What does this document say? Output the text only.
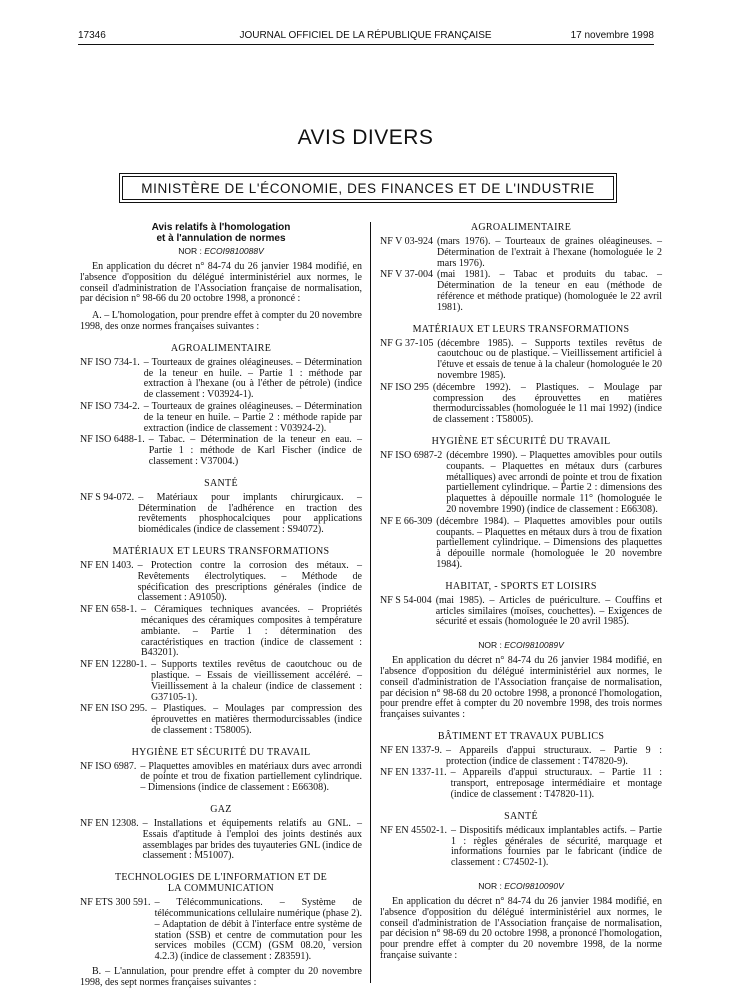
17346	JOURNAL OFFICIEL DE LA RÉPUBLIQUE FRANÇAISE	17 novembre 1998
AVIS DIVERS
MINISTÈRE DE L'ÉCONOMIE, DES FINANCES ET DE L'INDUSTRIE
Avis relatifs à l'homologation
et à l'annulation de normes
NOR : ECOI9810088V
En application du décret n° 84-74 du 26 janvier 1984 modifié, en l'absence d'opposition du délégué interministériel aux normes, le conseil d'administration de l'Association française de normalisation, par décision n° 98-66 du 20 octobre 1998, a prononcé :
A. – L'homologation, pour prendre effet à compter du 20 novembre 1998, des onze normes françaises suivantes :
AGROALIMENTAIRE
NF ISO 734-1. – Tourteaux de graines oléagineuses. – Détermination de la teneur en huile. – Partie 1 : méthode par extraction à l'hexane (ou à l'éther de pétrole) (indice de classement : V03924-1).
NF ISO 734-2. – Tourteaux de graines oléagineuses. – Détermination de la teneur en huile. – Partie 2 : méthode rapide par extraction (indice de classement : V03924-2).
NF ISO 6488-1. – Tabac. – Détermination de la teneur en eau. – Partie 1 : méthode de Karl Fischer (indice de classement : V37004.)
SANTÉ
NF S 94-072. – Matériaux pour implants chirurgicaux. – Détermination de l'adhérence en traction des revêtements phosphocalciques pour applications biomédicales (indice de classement : S94072).
MATÉRIAUX ET LEURS TRANSFORMATIONS
NF EN 1403. – Protection contre la corrosion des métaux. – Revêtements électrolytiques. – Méthode de spécification des prescriptions générales (indice de classement : A91050).
NF EN 658-1. – Céramiques techniques avancées. – Propriétés mécaniques des céramiques composites à température ambiante. – Partie 1 : détermination des caractéristiques en traction (indice de classement : B43201).
NF EN 12280-1. – Supports textiles revêtus de caoutchouc ou de plastique. – Essais de vieillissement accéléré. – Vieillissement à la chaleur (indice de classement : G37105-1).
NF EN ISO 295. – Plastiques. – Moulages par compression des éprouvettes en matières thermodurcissables (indice de classement : T58005).
HYGIÈNE ET SÉCURITÉ DU TRAVAIL
NF ISO 6987. – Plaquettes amovibles en matériaux durs avec arrondi de pointe et trou de fixation partiellement cylindrique. – Dimensions (indice de classement : E66308).
GAZ
NF EN 12308. – Installations et équipements relatifs au GNL. – Essais d'aptitude à l'emploi des joints destinés aux assemblages par brides des tuyauteries GNL (indice de classement : M51007).
TECHNOLOGIES DE L'INFORMATION ET DE LA COMMUNICATION
NF ETS 300 591. – Télécommunications. – Système de télécommunications cellulaire numérique (phase 2). – Adaptation de débit à l'interface entre système de station (SSB) et centre de commutation pour les services mobiles (CCM) (GSM 08.20, version 4.2.3) (indice de classement : Z83591).
B. – L'annulation, pour prendre effet à compter du 20 novembre 1998, des sept normes françaises suivantes :
AGROALIMENTAIRE
NF V 03-924 (mars 1976). – Tourteaux de graines oléagineuses. – Détermination de l'extrait à l'hexane (homologuée le 2 mars 1976).
NF V 37-004 (mai 1981). – Tabac et produits du tabac. – Détermination de la teneur en eau (méthode de référence et méthode pratique) (homologuée le 22 avril 1981).
MATÉRIAUX ET LEURS TRANSFORMATIONS
NF G 37-105 (décembre 1985). – Supports textiles revêtus de caoutchouc ou de plastique. – Vieillissement artificiel à l'étuve et essais de tenue à la chaleur (homologuée le 20 novembre 1985).
NF ISO 295 (décembre 1992). – Plastiques. – Moulage par compression des éprouvettes en matières thermodurcissables (homologuée le 11 mai 1992) (indice de classement : T58005).
HYGIÈNE ET SÉCURITÉ DU TRAVAIL
NF ISO 6987-2 (décembre 1990). – Plaquettes amovibles pour outils coupants. – Plaquettes en métaux durs (carbures métalliques) avec arrondi de pointe et trou de fixation partiellement cylindrique. – Partie 2 : dimensions des plaquettes à dépouille normale 11° (homologuée le 20 novembre 1990) (indice de classement : E66308).
NF E 66-309 (décembre 1984). – Plaquettes amovibles pour outils coupants. – Plaquettes en métaux durs à trou de fixation partiellement cylindrique. – Dimensions des plaquettes à dépouille normale (homologuée le 20 novembre 1984).
HABITAT, - SPORTS ET LOISIRS
NF S 54-004 (mai 1985). – Articles de puériculture. – Couffins et articles similaires (moïses, couchettes). – Exigences de sécurité et essais (homologuée le 20 avril 1985).
NOR : ECOI9810089V
En application du décret n° 84-74 du 26 janvier 1984 modifié, en l'absence d'opposition du délégué interministériel aux normes, le conseil d'administration de l'Association française de normalisation, par décision n° 98-68 du 20 octobre 1998, a prononcé l'homologation, pour prendre effet à compter du 20 novembre 1998, des trois normes françaises suivantes :
BÂTIMENT ET TRAVAUX PUBLICS
NF EN 1337-9. – Appareils d'appui structuraux. – Partie 9 : protection (indice de classement : T47820-9).
NF EN 1337-11. – Appareils d'appui structuraux. – Partie 11 : transport, entreposage intermédiaire et montage (indice de classement : T47820-11).
SANTÉ
NF EN 45502-1. – Dispositifs médicaux implantables actifs. – Partie 1 : règles générales de sécurité, marquage et informations fournies par le fabricant (indice de classement : C74502-1).
NOR : ECOI9810090V
En application du décret n° 84-74 du 26 janvier 1984 modifié, en l'absence d'opposition du délégué interministériel aux normes, le conseil d'administration de l'Association française de normalisation, par décision n° 98-69 du 20 octobre 1998, a prononcé l'homologation, pour prendre effet à compter du 20 novembre 1998, de la norme française suivante :
